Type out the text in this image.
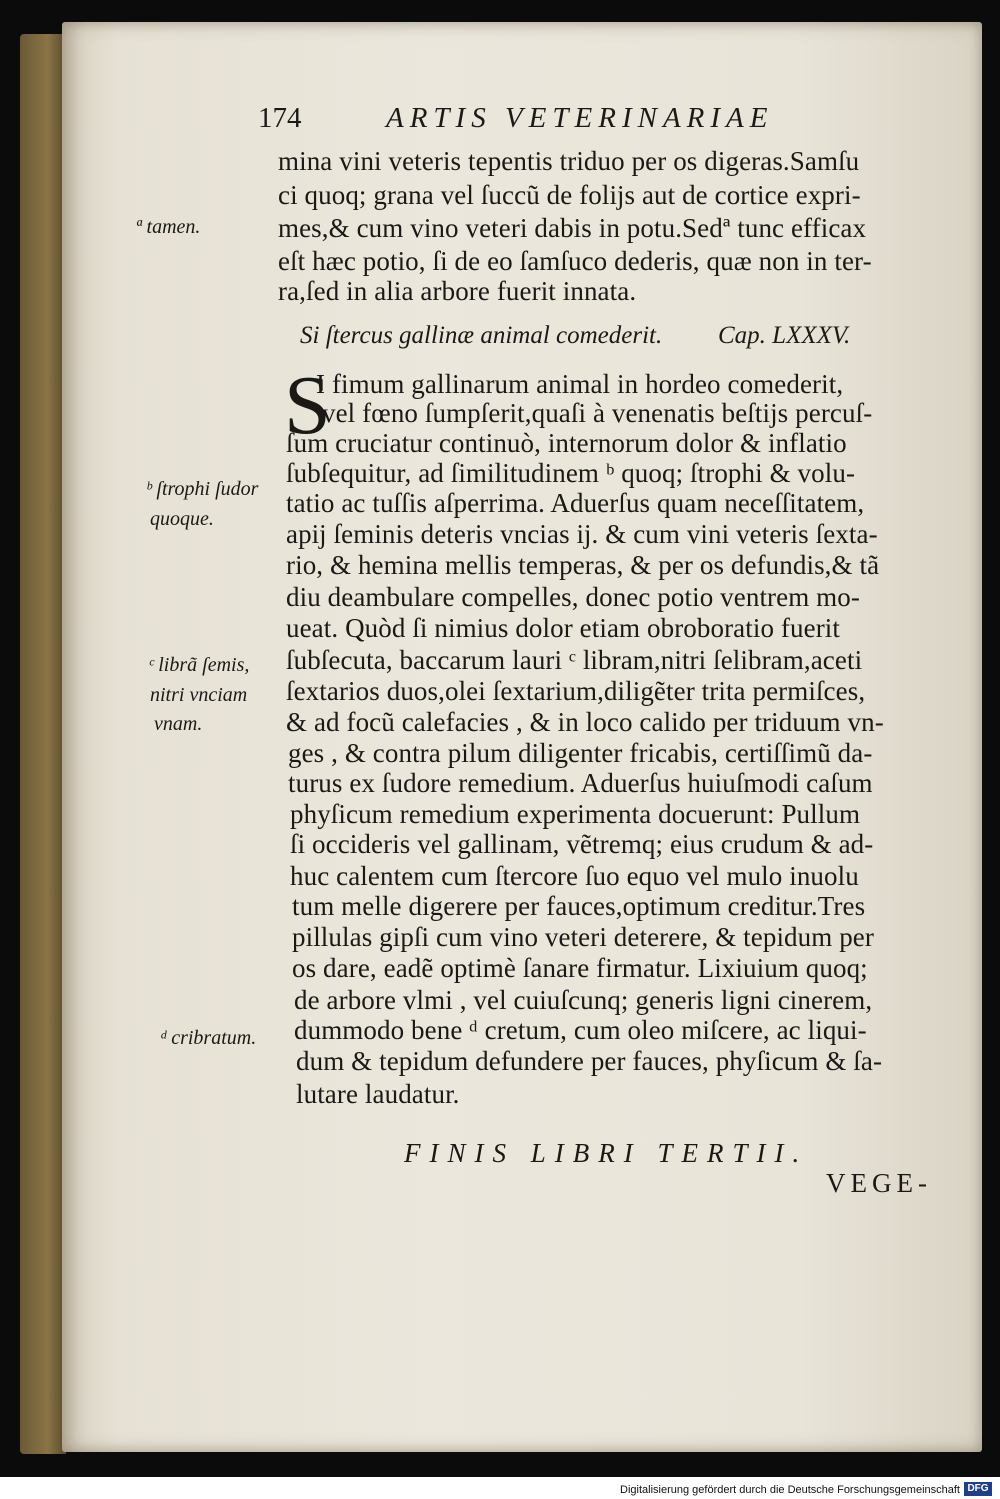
174	ARTIS VETERINARIAE
mina vini veteris tepentis triduo per os digeras.Samſu
ci quoq; grana vel ſuccũ de folĳs aut de cortice expri-
mes,& cum vino veteri dabis in potu.Sedª tunc efficax
eſt hæc potio, ſi de eo ſamſuco dederis, quæ non in ter-
ra,ſed in alia arbore fuerit innata.
Si ſtercus gallinæ animal comederit. Cap. LXXXV.
S
I fimum gallinarum animal in hordeo comederit,
vel fœno ſumpſerit,quaſi à venenatis beſtijs percuſ-
ſum cruciatur continuò, internorum dolor & inflatio
ſubſequitur, ad ſimilitudinem ᵇ quoq; ſtrophi & volu-
tatio ac tuſſis aſperrima. Aduerſus quam neceſſitatem,
apĳ ſeminis deteris vncias ĳ. & cum vini veteris ſexta-
rio, & hemina mellis temperas, & per os defundis,& tã
diu deambulare compelles, donec potio ventrem mo-
ueat. Quòd ſi nimius dolor etiam obroboratio fuerit
ſubſecuta, baccarum lauri ᶜ libram,nitri ſelibram,aceti
ſextarios duos,olei ſextarium,diligẽter trita permiſces,
& ad focũ calefacies , & in loco calido per triduum vn-
ges , & contra pilum diligenter fricabis, certiſſimũ da-
turus ex ſudore remedium. Aduerſus huiuſmodi caſum
phyſicum remedium experimenta docuerunt: Pullum
ſi occideris vel gallinam, vẽtremq; eius crudum & ad-
huc calentem cum ſtercore ſuo equo vel mulo inuolu
tum melle digerere per fauces,optimum creditur.Tres
pillulas gipſi cum vino veteri deterere, & tepidum per
os dare, eadẽ optimè ſanare firmatur. Lixiuium quoq;
de arbore vlmi , vel cuiuſcunq; generis ligni cinerem,
dummodo bene ᵈ cretum, cum oleo miſcere, ac liqui-
dum & tepidum defundere per fauces, phyſicum & ſa-
lutare laudatur.
ª tamen.
ᵇ ſtrophi ſudor
quoque.
ᶜ librã ſemis,
nitri vnciam
vnam.
ᵈ cribratum.
FINIS LIBRI TERTII.
VEGE-
Digitalisierung gefördert durch die Deutsche Forschungsgemeinschaft DFG
